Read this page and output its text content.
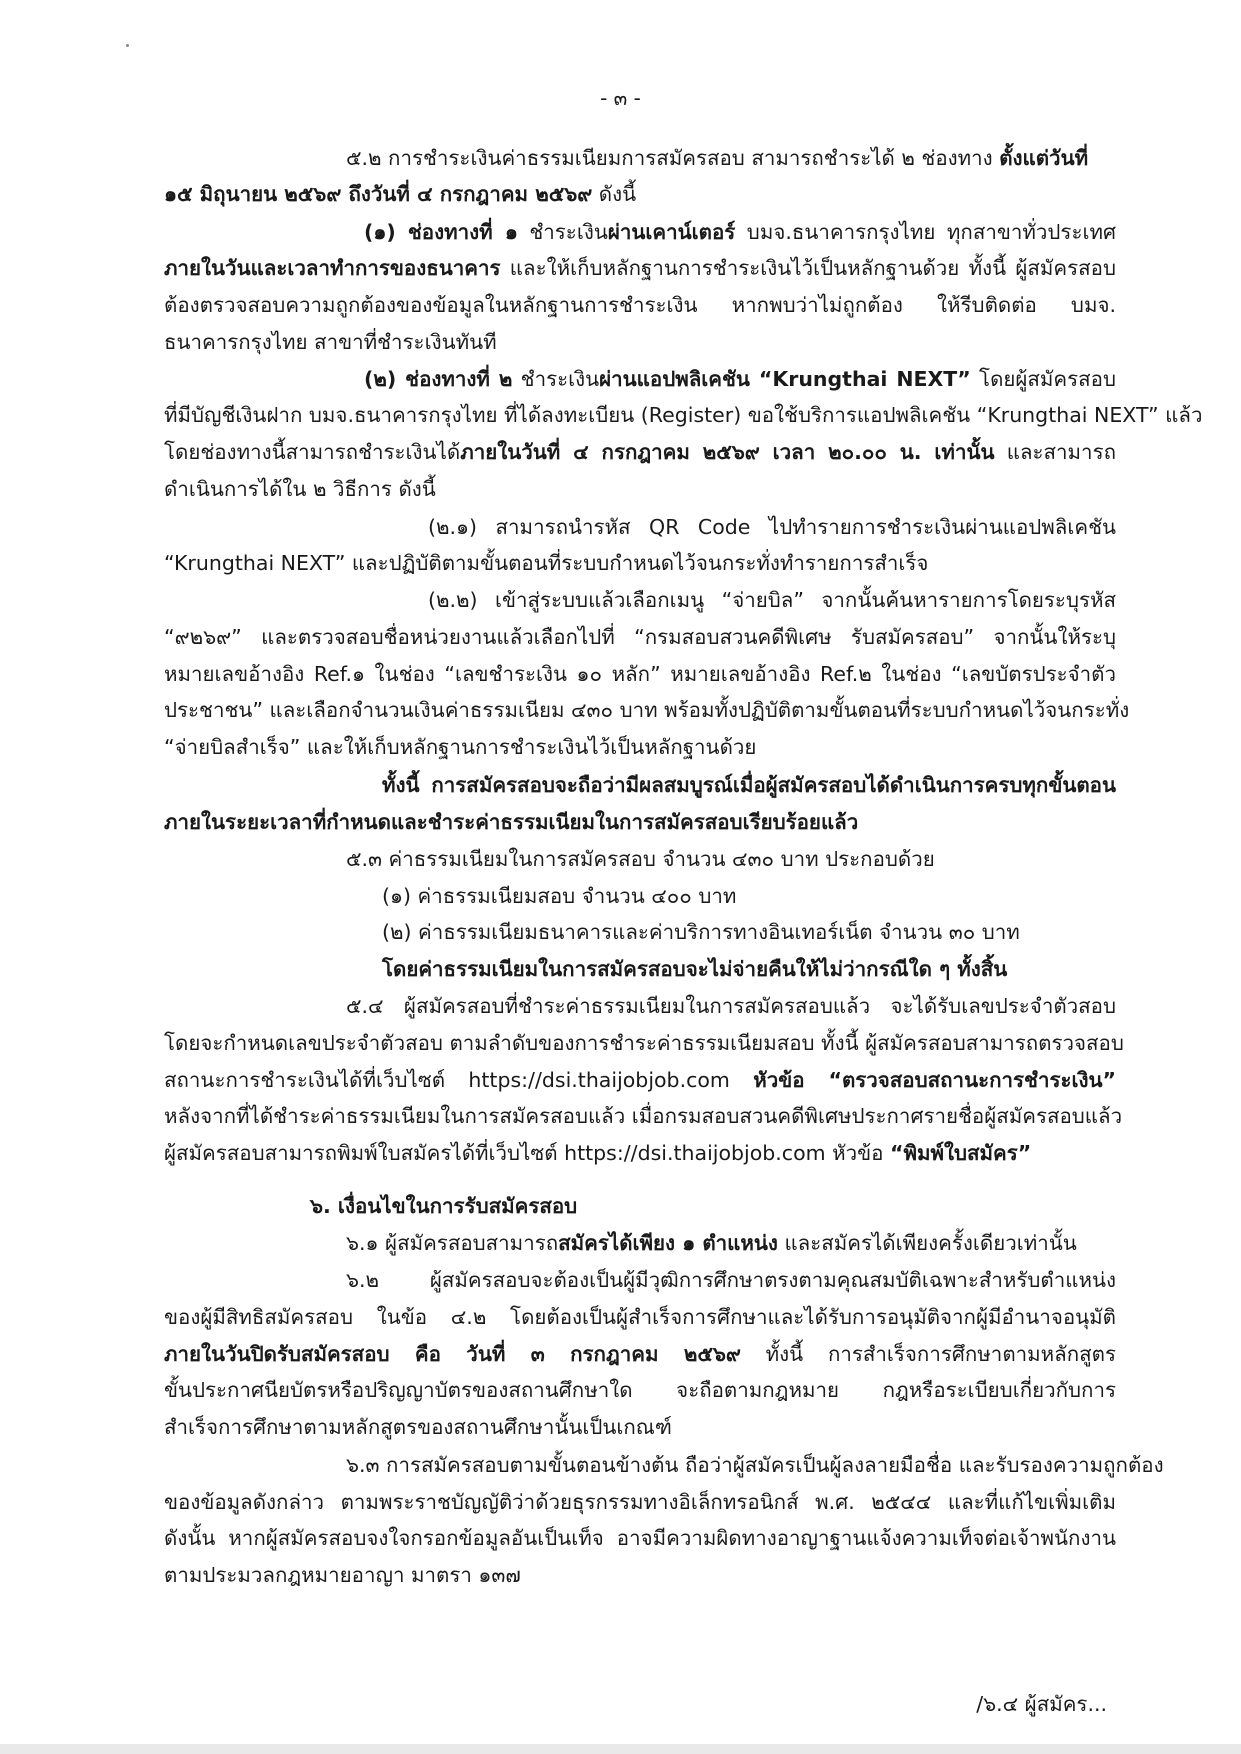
- ๓ -
๕.๒ การชำระเงินค่าธรรมเนียมการสมัครสอบ สามารถชำระได้ ๒ ช่องทาง ตั้งแต่วันที่
๑๕ มิถุนายน ๒๕๖๙ ถึงวันที่ ๔ กรกฎาคม ๒๕๖๙ ดังนี้
(๑) ช่องทางที่ ๑ ชำระเงินผ่านเคาน์เตอร์ บมจ.ธนาคารกรุงไทย ทุกสาขาทั่วประเทศ
ภายในวันและเวลาทำการของธนาคาร และให้เก็บหลักฐานการชำระเงินไว้เป็นหลักฐานด้วย ทั้งนี้ ผู้สมัครสอบ
ต้องตรวจสอบความถูกต้องของข้อมูลในหลักฐานการชำระเงิน หากพบว่าไม่ถูกต้อง ให้รีบติดต่อ บมจ.
ธนาคารกรุงไทย สาขาที่ชำระเงินทันที
(๒) ช่องทางที่ ๒ ชำระเงินผ่านแอปพลิเคชัน “Krungthai NEXT” โดยผู้สมัครสอบ
ที่มีบัญชีเงินฝาก บมจ.ธนาคารกรุงไทย ที่ได้ลงทะเบียน (Register) ขอใช้บริการแอปพลิเคชัน “Krungthai NEXT” แล้ว
โดยช่องทางนี้สามารถชำระเงินได้ภายในวันที่ ๔ กรกฎาคม ๒๕๖๙ เวลา ๒๐.๐๐ น. เท่านั้น และสามารถ
ดำเนินการได้ใน ๒ วิธีการ ดังนี้
(๒.๑) สามารถนำรหัส QR Code ไปทำรายการชำระเงินผ่านแอปพลิเคชัน
“Krungthai NEXT” และปฏิบัติตามขั้นตอนที่ระบบกำหนดไว้จนกระทั่งทำรายการสำเร็จ
(๒.๒) เข้าสู่ระบบแล้วเลือกเมนู “จ่ายบิล” จากนั้นค้นหารายการโดยระบุรหัส
“๙๒๖๙” และตรวจสอบชื่อหน่วยงานแล้วเลือกไปที่ “กรมสอบสวนคดีพิเศษ รับสมัครสอบ” จากนั้นให้ระบุ
หมายเลขอ้างอิง Ref.๑ ในช่อง “เลขชำระเงิน ๑๐ หลัก” หมายเลขอ้างอิง Ref.๒ ในช่อง “เลขบัตรประจำตัว
ประชาชน” และเลือกจำนวนเงินค่าธรรมเนียม ๔๓๐ บาท พร้อมทั้งปฏิบัติตามขั้นตอนที่ระบบกำหนดไว้จนกระทั่ง
“จ่ายบิลสำเร็จ” และให้เก็บหลักฐานการชำระเงินไว้เป็นหลักฐานด้วย
ทั้งนี้ การสมัครสอบจะถือว่ามีผลสมบูรณ์เมื่อผู้สมัครสอบได้ดำเนินการครบทุกขั้นตอน
ภายในระยะเวลาที่กำหนดและชำระค่าธรรมเนียมในการสมัครสอบเรียบร้อยแล้ว
๕.๓ ค่าธรรมเนียมในการสมัครสอบ จำนวน ๔๓๐ บาท ประกอบด้วย
(๑) ค่าธรรมเนียมสอบ จำนวน ๔๐๐ บาท
(๒) ค่าธรรมเนียมธนาคารและค่าบริการทางอินเทอร์เน็ต จำนวน ๓๐ บาท
โดยค่าธรรมเนียมในการสมัครสอบจะไม่จ่ายคืนให้ไม่ว่ากรณีใด ๆ ทั้งสิ้น
๕.๔ ผู้สมัครสอบที่ชำระค่าธรรมเนียมในการสมัครสอบแล้ว จะได้รับเลขประจำตัวสอบ
โดยจะกำหนดเลขประจำตัวสอบ ตามลำดับของการชำระค่าธรรมเนียมสอบ ทั้งนี้ ผู้สมัครสอบสามารถตรวจสอบ
สถานะการชำระเงินได้ที่เว็บไซต์ https://dsi.thaijobjob.com หัวข้อ “ตรวจสอบสถานะการชำระเงิน”
หลังจากที่ได้ชำระค่าธรรมเนียมในการสมัครสอบแล้ว เมื่อกรมสอบสวนคดีพิเศษประกาศรายชื่อผู้สมัครสอบแล้ว
ผู้สมัครสอบสามารถพิมพ์ใบสมัครได้ที่เว็บไซต์ https://dsi.thaijobjob.com หัวข้อ “พิมพ์ใบสมัคร”
๖. เงื่อนไขในการรับสมัครสอบ
๖.๑ ผู้สมัครสอบสามารถสมัครได้เพียง ๑ ตำแหน่ง และสมัครได้เพียงครั้งเดียวเท่านั้น
๖.๒ ผู้สมัครสอบจะต้องเป็นผู้มีวุฒิการศึกษาตรงตามคุณสมบัติเฉพาะสำหรับตำแหน่ง
ของผู้มีสิทธิสมัครสอบ ในข้อ ๔.๒ โดยต้องเป็นผู้สำเร็จการศึกษาและได้รับการอนุมัติจากผู้มีอำนาจอนุมัติ
ภายในวันปิดรับสมัครสอบ คือ วันที่ ๓ กรกฎาคม ๒๕๖๙ ทั้งนี้ การสำเร็จการศึกษาตามหลักสูตร
ขั้นประกาศนียบัตรหรือปริญญาบัตรของสถานศึกษาใด จะถือตามกฎหมาย กฎหรือระเบียบเกี่ยวกับการ
สำเร็จการศึกษาตามหลักสูตรของสถานศึกษานั้นเป็นเกณฑ์
๖.๓ การสมัครสอบตามขั้นตอนข้างต้น ถือว่าผู้สมัครเป็นผู้ลงลายมือชื่อ และรับรองความถูกต้อง
ของข้อมูลดังกล่าว ตามพระราชบัญญัติว่าด้วยธุรกรรมทางอิเล็กทรอนิกส์ พ.ศ. ๒๕๔๔ และที่แก้ไขเพิ่มเติม
ดังนั้น หากผู้สมัครสอบจงใจกรอกข้อมูลอันเป็นเท็จ อาจมีความผิดทางอาญาฐานแจ้งความเท็จต่อเจ้าพนักงาน
ตามประมวลกฎหมายอาญา มาตรา ๑๓๗
/๖.๔ ผู้สมัคร...
